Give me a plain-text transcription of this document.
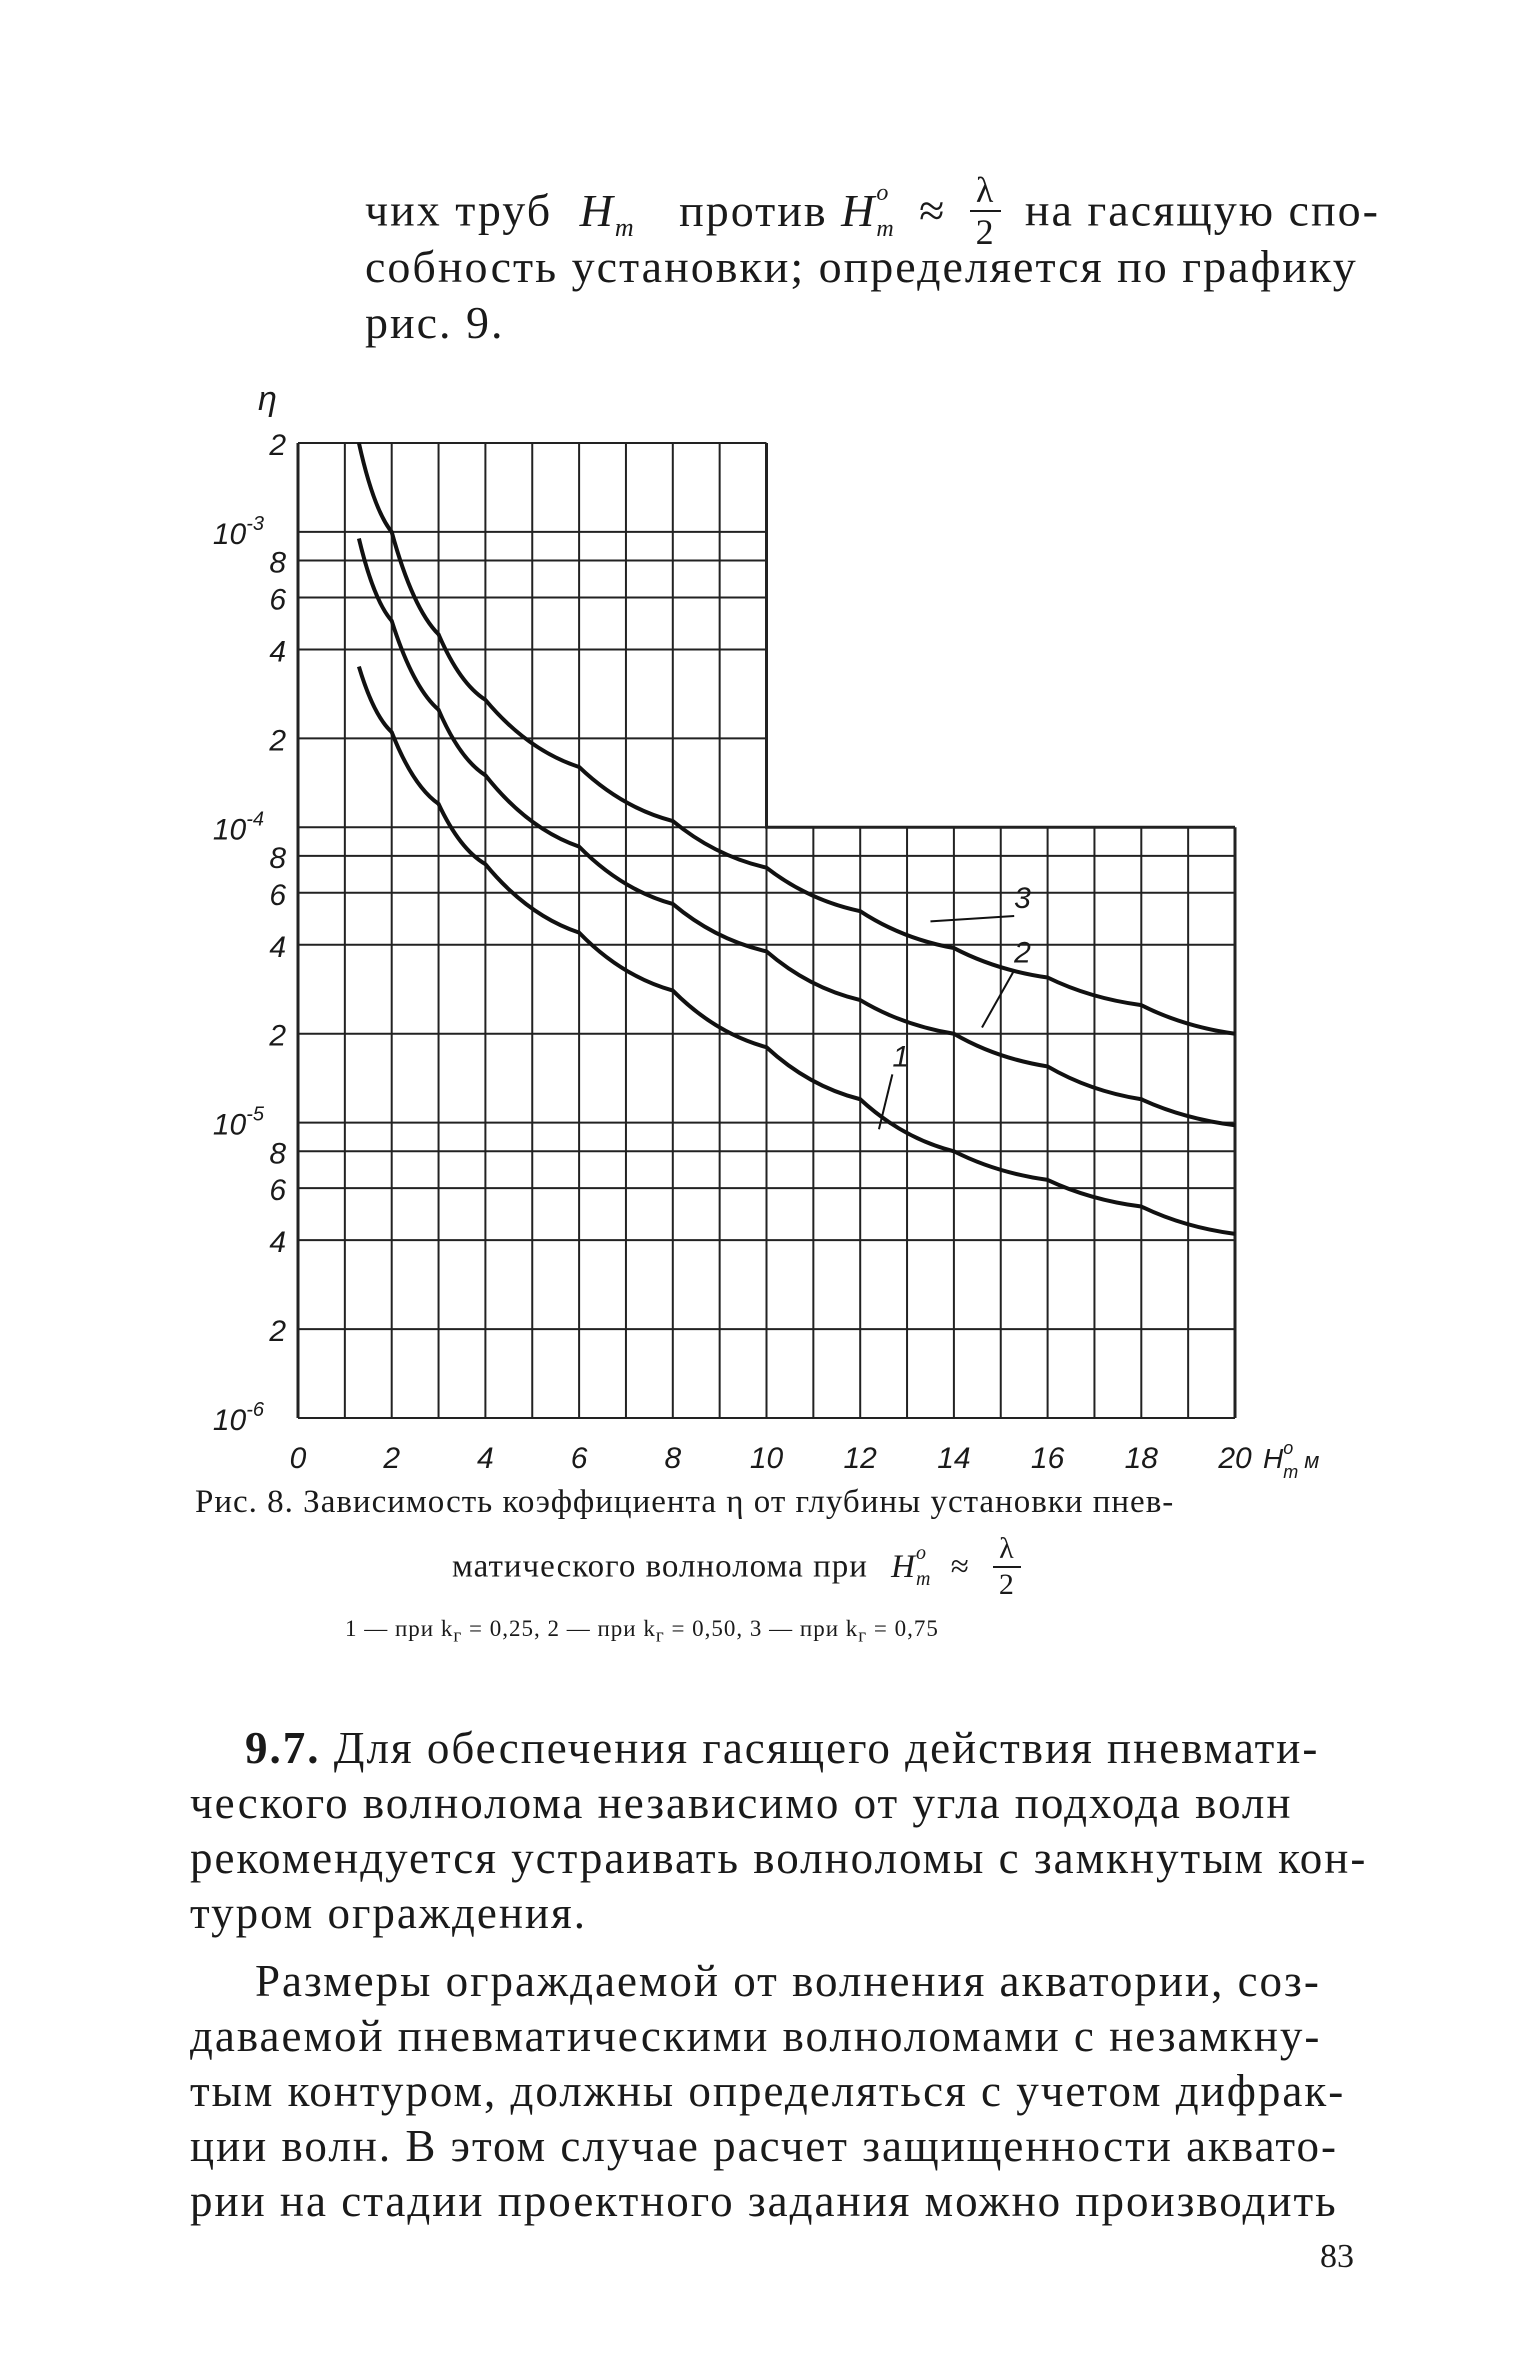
чих труб $H_т$ против H о
$т \approx \frac{\lambda}{2}$ на гасящую спо-
собность установки; определяется по графику
рис. 9.
1
2
3
2
$10^{-3}$
8
6
4
2
$10^{-4}$
8
6
4
2
$10^{-5}$
8
6
4
2
$10^{-6}$
η
0	2	4	6	8 10 12 14 16 18 20 $H^о$ т $^м$
Рис. 8. Зависимость коэффициента η от глубины установки пнев-
матического волнолома при H о
$т \approx \frac{\lambda}{2}$
1 — при $k_г = 0,25$, 2 — при $k_г = 0,50$, 3 — при $k_г = 0,75$
9.7. Для обеспечения гасящего действия пневмати-
ческого волнолома независимо от угла подхода волн
рекомендуется устраивать волноломы с замкнутым кон-
туром ограждения.
Размеры ограждаемой от волнения акватории, соз-
даваемой пневматическими волноломами с незамкну-
тым контуром, должны определяться с учетом дифрак-
ции волн. В этом случае расчет защищенности аквато-
рии на стадии проектного задания можно производить
83
